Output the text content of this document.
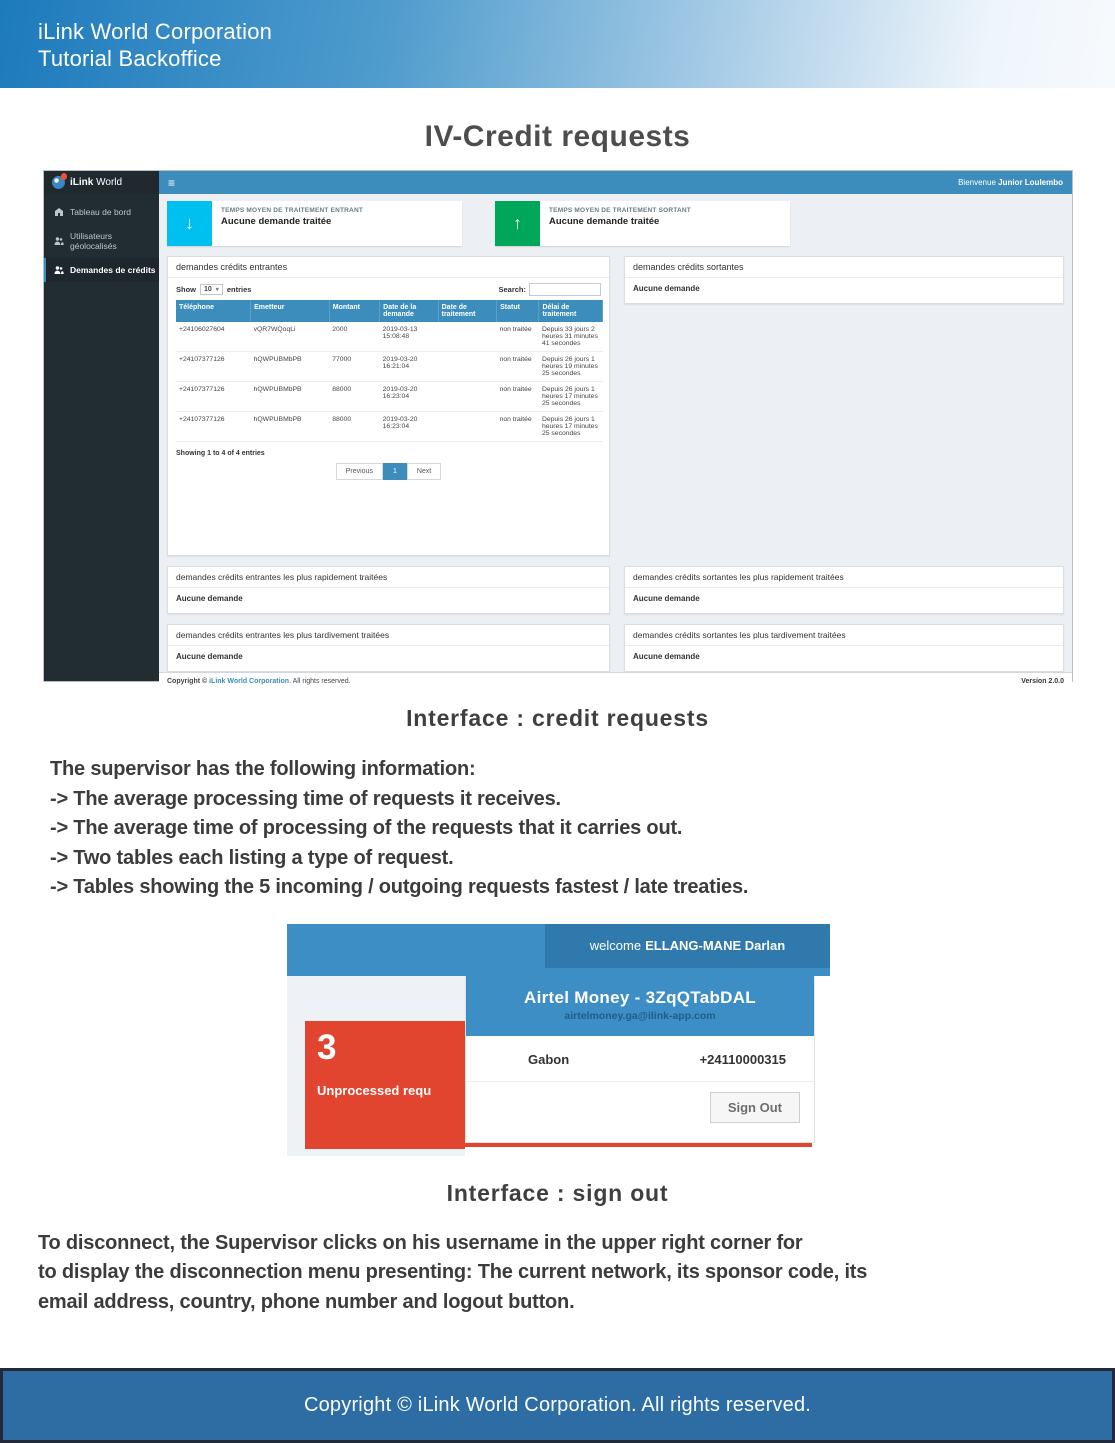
iLink World Corporation
Tutorial Backoffice
IV-Credit requests
iLink World	≡	Bienvenue Junior Loulembo
Tableau de bord
Utilisateurs géolocalisés
Demandes de crédits
↓
TEMPS MOYEN DE TRAITEMENT ENTRANT
Aucune demande traitée	↑
TEMPS MOYEN DE TRAITEMENT SORTANT
Aucune demande traitée
demandes crédits entrantes
Show 10 ▾ entries	Search:
Téléphone	Emetteur	Montant	Date de la demande	Date de traitement	Statut	Délai de traitement
+24106027604	vQR7WQoqLi	2000	2019-03-13 15:08:48		non traitée	Depuis 33 jours 2 heures 31 minutes 41 secondes
+24107377126	hQWPUBMbPB	77000	2019-03-20 16:21:04		non traitée	Depuis 26 jours 1 heures 19 minutes 25 secondes
+24107377126	hQWPUBMbPB	88000	2019-03-20 16:23:04		non traitée	Depuis 26 jours 1 heures 17 minutes 25 secondes
+24107377126	hQWPUBMbPB	88000	2019-03-20 16:23:04		non traitée	Depuis 26 jours 1 heures 17 minutes 25 secondes
Showing 1 to 4 of 4 entries
Previous	1	Next
demandes crédits entrantes les plus rapidement traitées
Aucune demande
demandes crédits entrantes les plus tardivement traitées
Aucune demande
demandes crédits sortantes
Aucune demande
demandes crédits sortantes les plus rapidement traitées
Aucune demande
demandes crédits sortantes les plus tardivement traitées
Aucune demande
Copyright © iLink World Corporation. All rights reserved.	Version 2.0.0
Interface : credit requests
The supervisor has the following information:
-> The average processing time of requests it receives.
-> The average time of processing of the requests that it carries out.
-> Two tables each listing a type of request.
-> Tables showing the 5 incoming / outgoing requests fastest / late treaties.
welcome ELLANG-MANE Darlan
Airtel Money - 3ZqQTabDAL
airtelmoney.ga@ilink-app.com
Gabon	+24110000315
Sign Out
3
Unprocessed requ
Interface : sign out
To disconnect, the Supervisor clicks on his username in the upper right corner for
to display the disconnection menu presenting: The current network, its sponsor code, its
email address, country, phone number and logout button.
Copyright © iLink World Corporation. All rights reserved.
